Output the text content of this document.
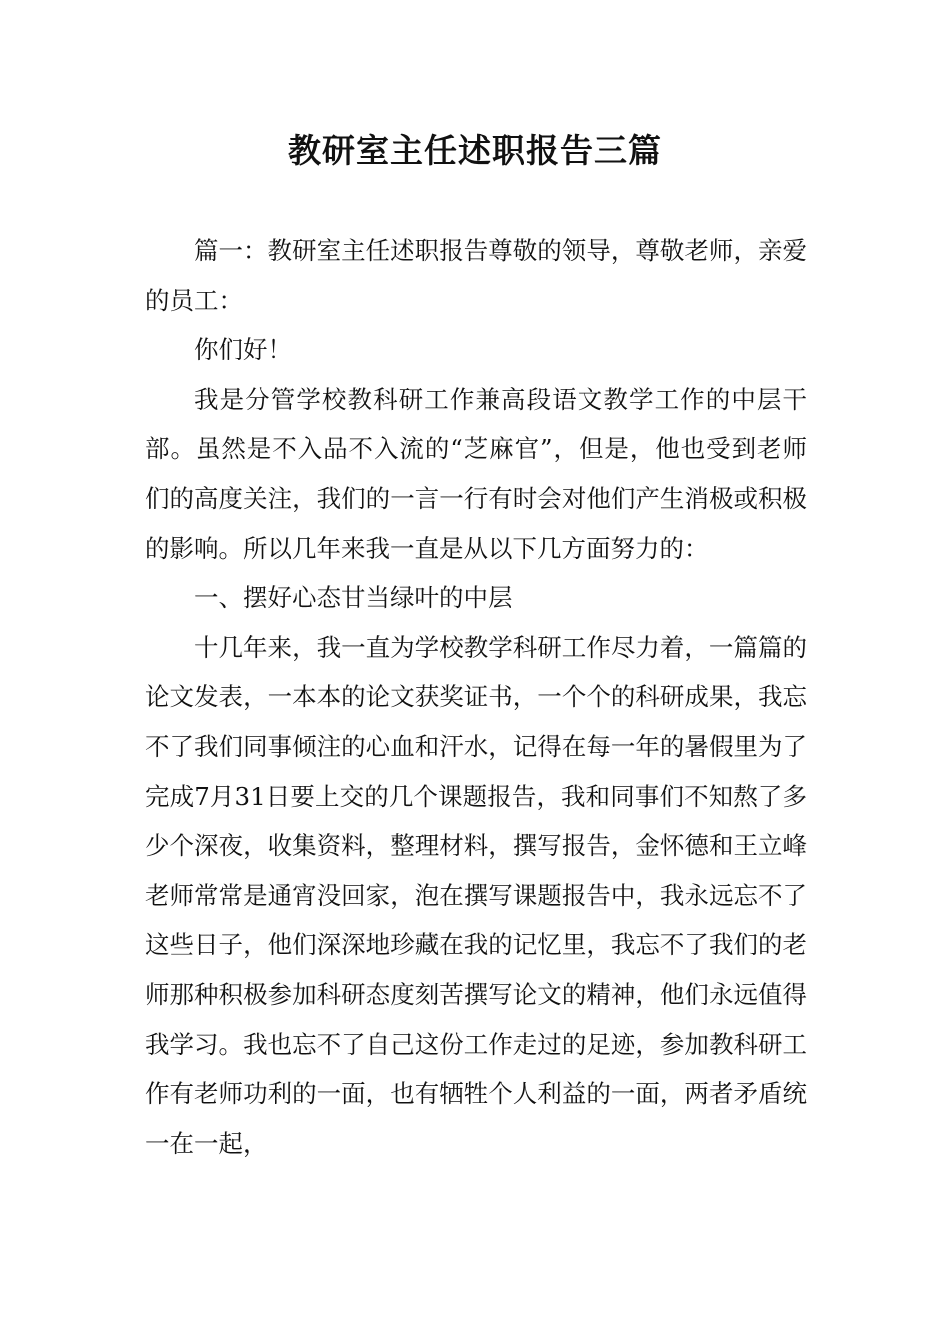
教研室主任述职报告三篇

篇一：教研室主任述职报告尊敬的领导，尊敬老师，亲爱的员工：

你们好！

我是分管学校教科研工作兼高段语文教学工作的中层干部。虽然是不入品不入流的“芝麻官”，但是，他也受到老师们的高度关注，我们的一言一行有时会对他们产生消极或积极的影响。所以几年来我一直是从以下几方面努力的：

一、摆好心态甘当绿叶的中层

十几年来，我一直为学校教学科研工作尽力着，一篇篇的论文发表，一本本的论文获奖证书，一个个的科研成果，我忘不了我们同事倾注的心血和汗水，记得在每一年的暑假里为了完成7月31日要上交的几个课题报告，我和同事们不知熬了多少个深夜，收集资料，整理材料，撰写报告，金怀德和王立峰老师常常是通宵没回家，泡在撰写课题报告中，我永远忘不了这些日子，他们深深地珍藏在我的记忆里，我忘不了我们的老师那种积极参加科研态度刻苦撰写论文的精神，他们永远值得我学习。我也忘不了自己这份工作走过的足迹，参加教科研工作有老师功利的一面，也有牺牲个人利益的一面，两者矛盾统一在一起，
